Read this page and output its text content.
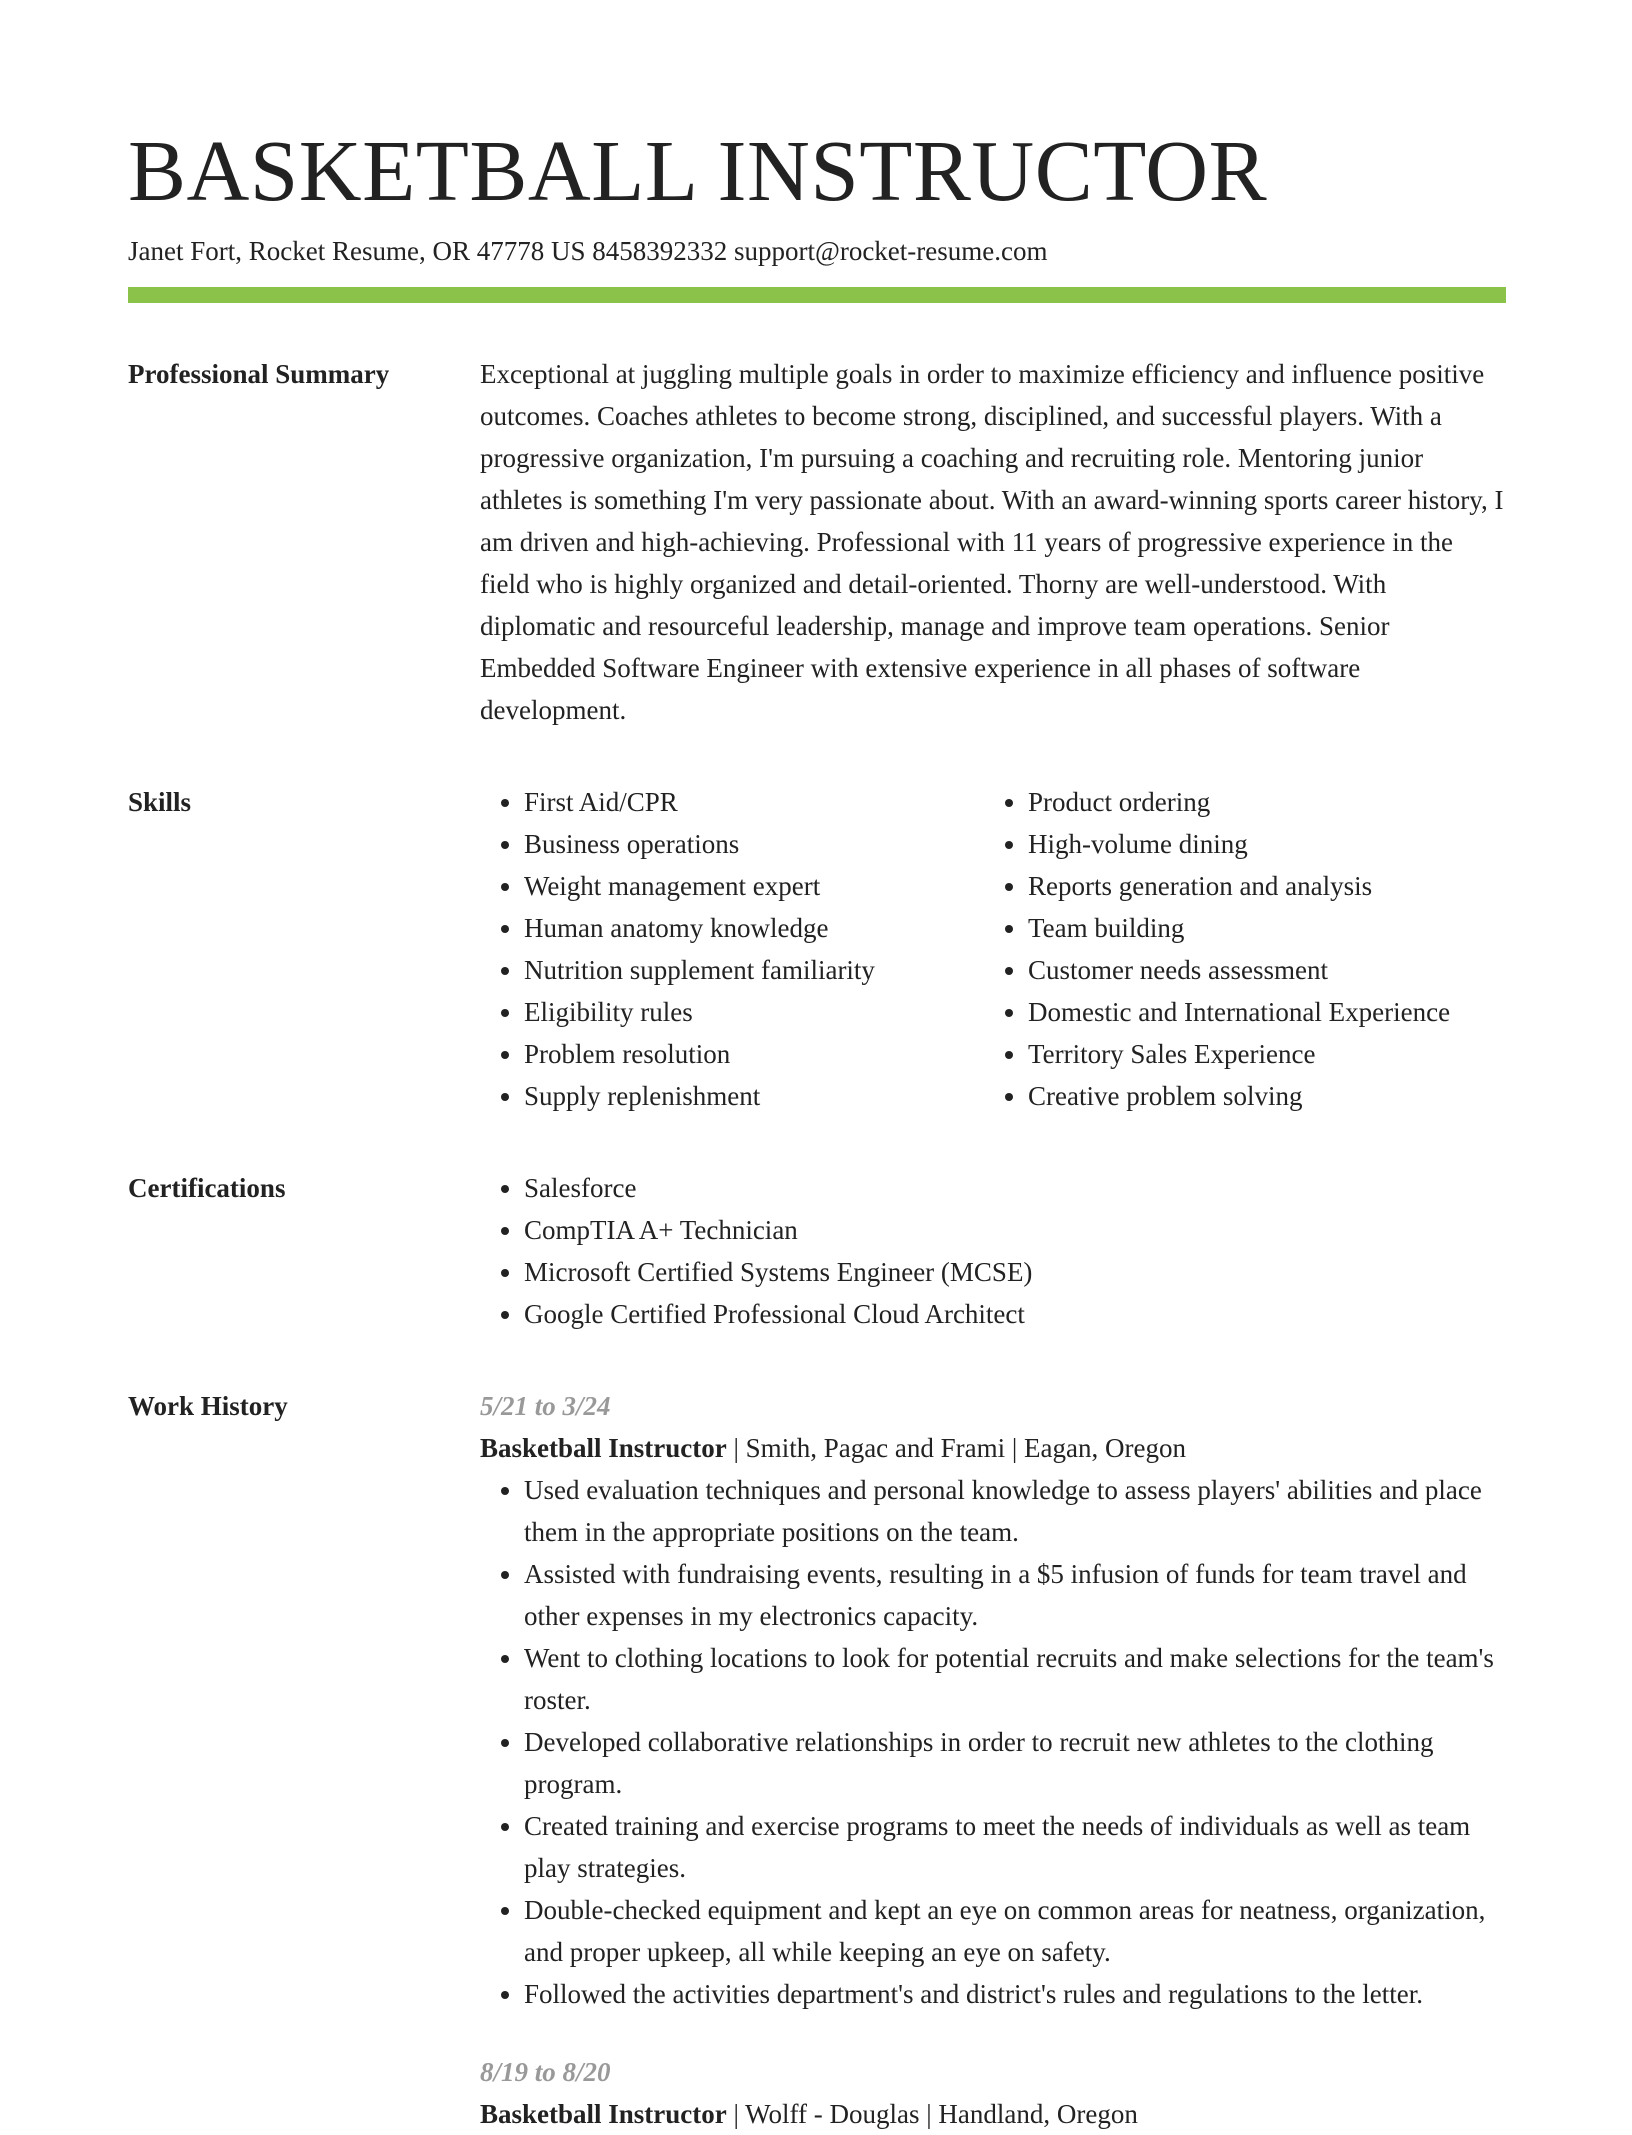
BASKETBALL INSTRUCTOR
Janet Fort, Rocket Resume, OR 47778 US 8458392332 support@rocket-resume.com
Professional Summary	Exceptional at juggling multiple goals in order to maximize efficiency and influence positive outcomes. Coaches athletes to become strong, disciplined, and successful players. With a progressive organization, I'm pursuing a coaching and recruiting role. Mentoring junior athletes is something I'm very passionate about. With an award-winning sports career history, I am driven and high-achieving. Professional with 11 years of progressive experience in the field who is highly organized and detail-oriented. Thorny are well-understood. With diplomatic and resourceful leadership, manage and improve team operations. Senior Embedded Software Engineer with extensive experience in all phases of software development.

Skills	• First Aid/CPR
• Business operations
• Weight management expert
• Human anatomy knowledge
• Nutrition supplement familiarity
• Eligibility rules
• Problem resolution
• Supply replenishment
• Product ordering
• High-volume dining
• Reports generation and analysis
• Team building
• Customer needs assessment
• Domestic and International Experience
• Territory Sales Experience
• Creative problem solving
Certifications	• Salesforce
• CompTIA A+ Technician
• Microsoft Certified Systems Engineer (MCSE)
• Google Certified Professional Cloud Architect
Work History	5/21 to 3/24
Basketball Instructor | Smith, Pagac and Frami | Eagan, Oregon
• Used evaluation techniques and personal knowledge to assess players' abilities and place them in the appropriate positions on the team.
• Assisted with fundraising events, resulting in a $5 infusion of funds for team travel and other expenses in my electronics capacity.
• Went to clothing locations to look for potential recruits and make selections for the team's roster.
• Developed collaborative relationships in order to recruit new athletes to the clothing program.
• Created training and exercise programs to meet the needs of individuals as well as team play strategies.
• Double-checked equipment and kept an eye on common areas for neatness, organization, and proper upkeep, all while keeping an eye on safety.
• Followed the activities department's and district's rules and regulations to the letter.
8/19 to 8/20
Basketball Instructor | Wolff - Douglas | Handland, Oregon
